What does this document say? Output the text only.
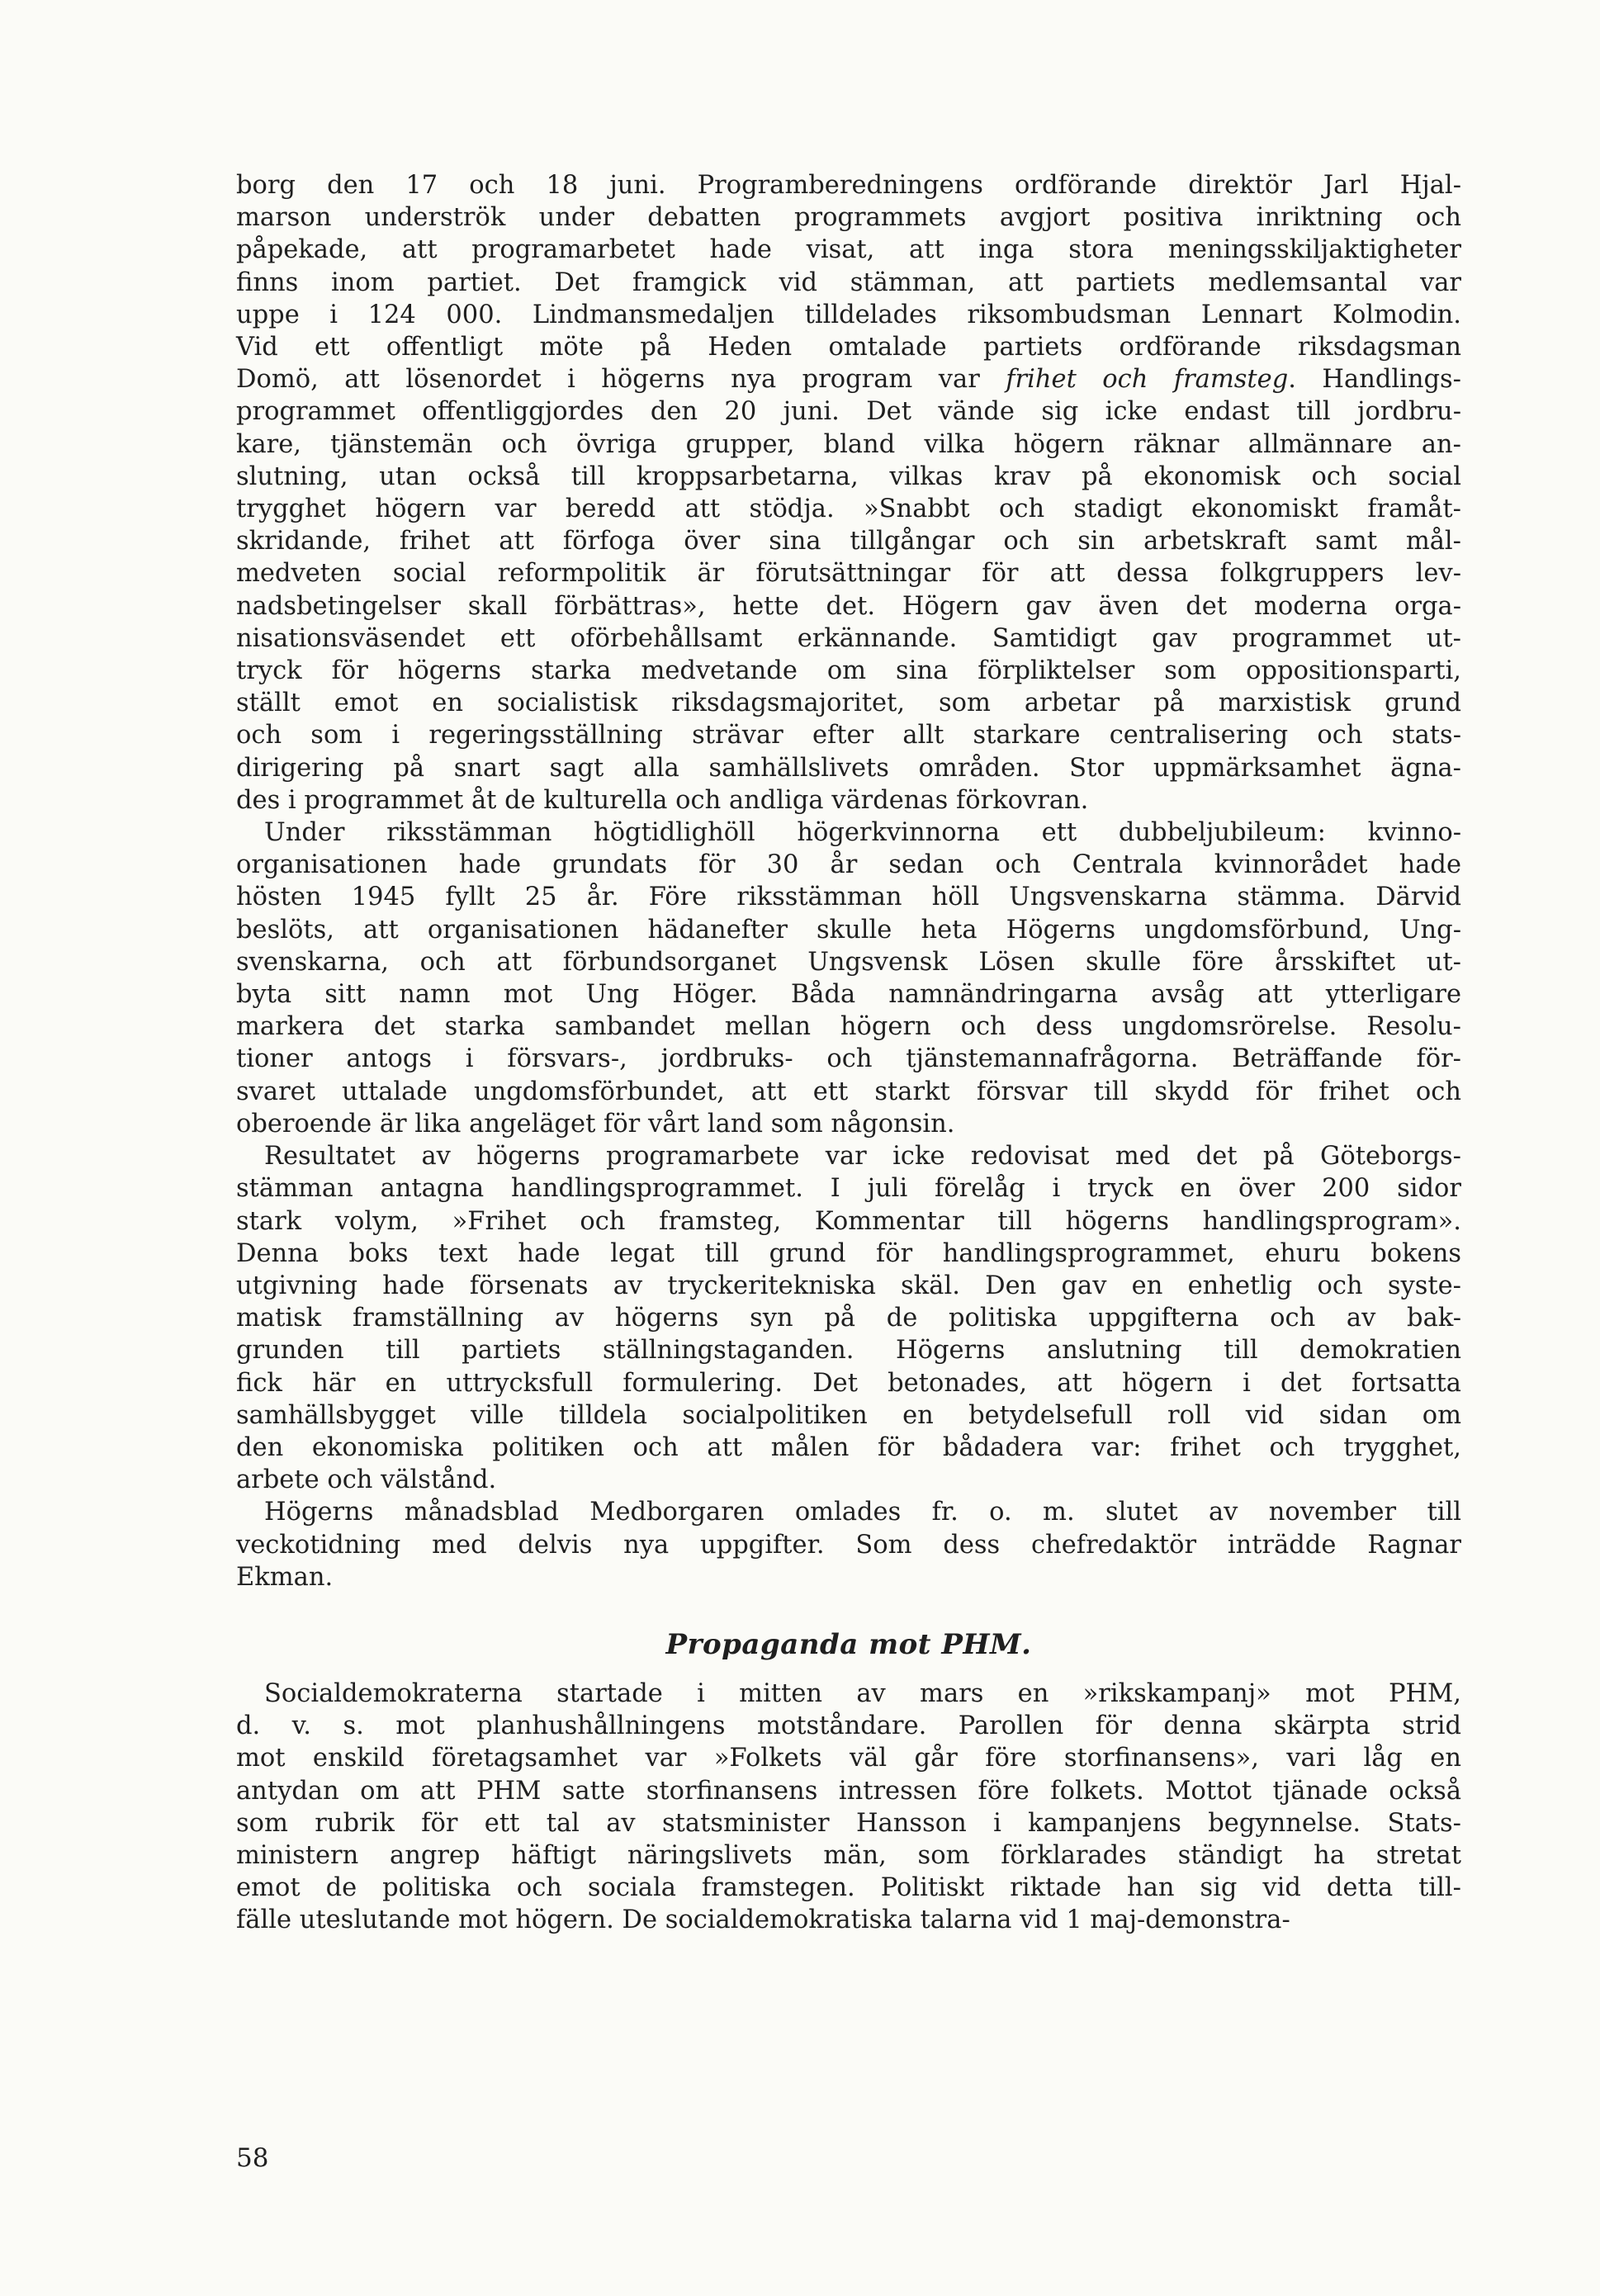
borg den 17 och 18 juni. Programberedningens ordförande direktör Jarl Hjal-
marson underströk under debatten programmets avgjort positiva inriktning och
påpekade, att programarbetet hade visat, att inga stora meningsskiljaktigheter
finns inom partiet. Det framgick vid stämman, att partiets medlemsantal var
uppe i 124 000. Lindmansmedaljen tilldelades riksombudsman Lennart Kolmodin.
Vid ett offentligt möte på Heden omtalade partiets ordförande riksdagsman
Domö, att lösenordet i högerns nya program var frihet och framsteg. Handlings-
programmet offentliggjordes den 20 juni. Det vände sig icke endast till jordbru-
kare, tjänstemän och övriga grupper, bland vilka högern räknar allmännare an-
slutning, utan också till kroppsarbetarna, vilkas krav på ekonomisk och social
trygghet högern var beredd att stödja. »Snabbt och stadigt ekonomiskt framåt-
skridande, frihet att förfoga över sina tillgångar och sin arbetskraft samt mål-
medveten social reformpolitik är förutsättningar för att dessa folkgruppers lev-
nadsbetingelser skall förbättras», hette det. Högern gav även det moderna orga-
nisationsväsendet ett oförbehållsamt erkännande. Samtidigt gav programmet ut-
tryck för högerns starka medvetande om sina förpliktelser som oppositionsparti,
ställt emot en socialistisk riksdagsmajoritet, som arbetar på marxistisk grund
och som i regeringsställning strävar efter allt starkare centralisering och stats-
dirigering på snart sagt alla samhällslivets områden. Stor uppmärksamhet ägna-
des i programmet åt de kulturella och andliga värdenas förkovran.

Under riksstämman högtidlighöll högerkvinnorna ett dubbeljubileum: kvinno-
organisationen hade grundats för 30 år sedan och Centrala kvinnorådet hade
hösten 1945 fyllt 25 år. Före riksstämman höll Ungsvenskarna stämma. Därvid
beslöts, att organisationen hädanefter skulle heta Högerns ungdomsförbund, Ung-
svenskarna, och att förbundsorganet Ungsvensk Lösen skulle före årsskiftet ut-
byta sitt namn mot Ung Höger. Båda namnändringarna avsåg att ytterligare
markera det starka sambandet mellan högern och dess ungdomsrörelse. Resolu-
tioner antogs i försvars-, jordbruks- och tjänstemannafrågorna. Beträffande för-
svaret uttalade ungdomsförbundet, att ett starkt försvar till skydd för frihet och
oberoende är lika angeläget för vårt land som någonsin.

Resultatet av högerns programarbete var icke redovisat med det på Göteborgs-
stämman antagna handlingsprogrammet. I juli förelåg i tryck en över 200 sidor
stark volym, »Frihet och framsteg, Kommentar till högerns handlingsprogram».
Denna boks text hade legat till grund för handlingsprogrammet, ehuru bokens
utgivning hade försenats av tryckeritekniska skäl. Den gav en enhetlig och syste-
matisk framställning av högerns syn på de politiska uppgifterna och av bak-
grunden till partiets ställningstaganden. Högerns anslutning till demokratien
fick här en uttrycksfull formulering. Det betonades, att högern i det fortsatta
samhällsbygget ville tilldela socialpolitiken en betydelsefull roll vid sidan om
den ekonomiska politiken och att målen för bådadera var: frihet och trygghet,
arbete och välstånd.

Högerns månadsblad Medborgaren omlades fr. o. m. slutet av november till
veckotidning med delvis nya uppgifter. Som dess chefredaktör inträdde Ragnar
Ekman.

Propaganda mot PHM.

Socialdemokraterna startade i mitten av mars en »rikskampanj» mot PHM,
d. v. s. mot planhushållningens motståndare. Parollen för denna skärpta strid
mot enskild företagsamhet var »Folkets väl går före storfinansens», vari låg en
antydan om att PHM satte storfinansens intressen före folkets. Mottot tjänade också
som rubrik för ett tal av statsminister Hansson i kampanjens begynnelse. Stats-
ministern angrep häftigt näringslivets män, som förklarades ständigt ha stretat
emot de politiska och sociala framstegen. Politiskt riktade han sig vid detta till-
fälle uteslutande mot högern. De socialdemokratiska talarna vid 1 maj-demonstra-

58
